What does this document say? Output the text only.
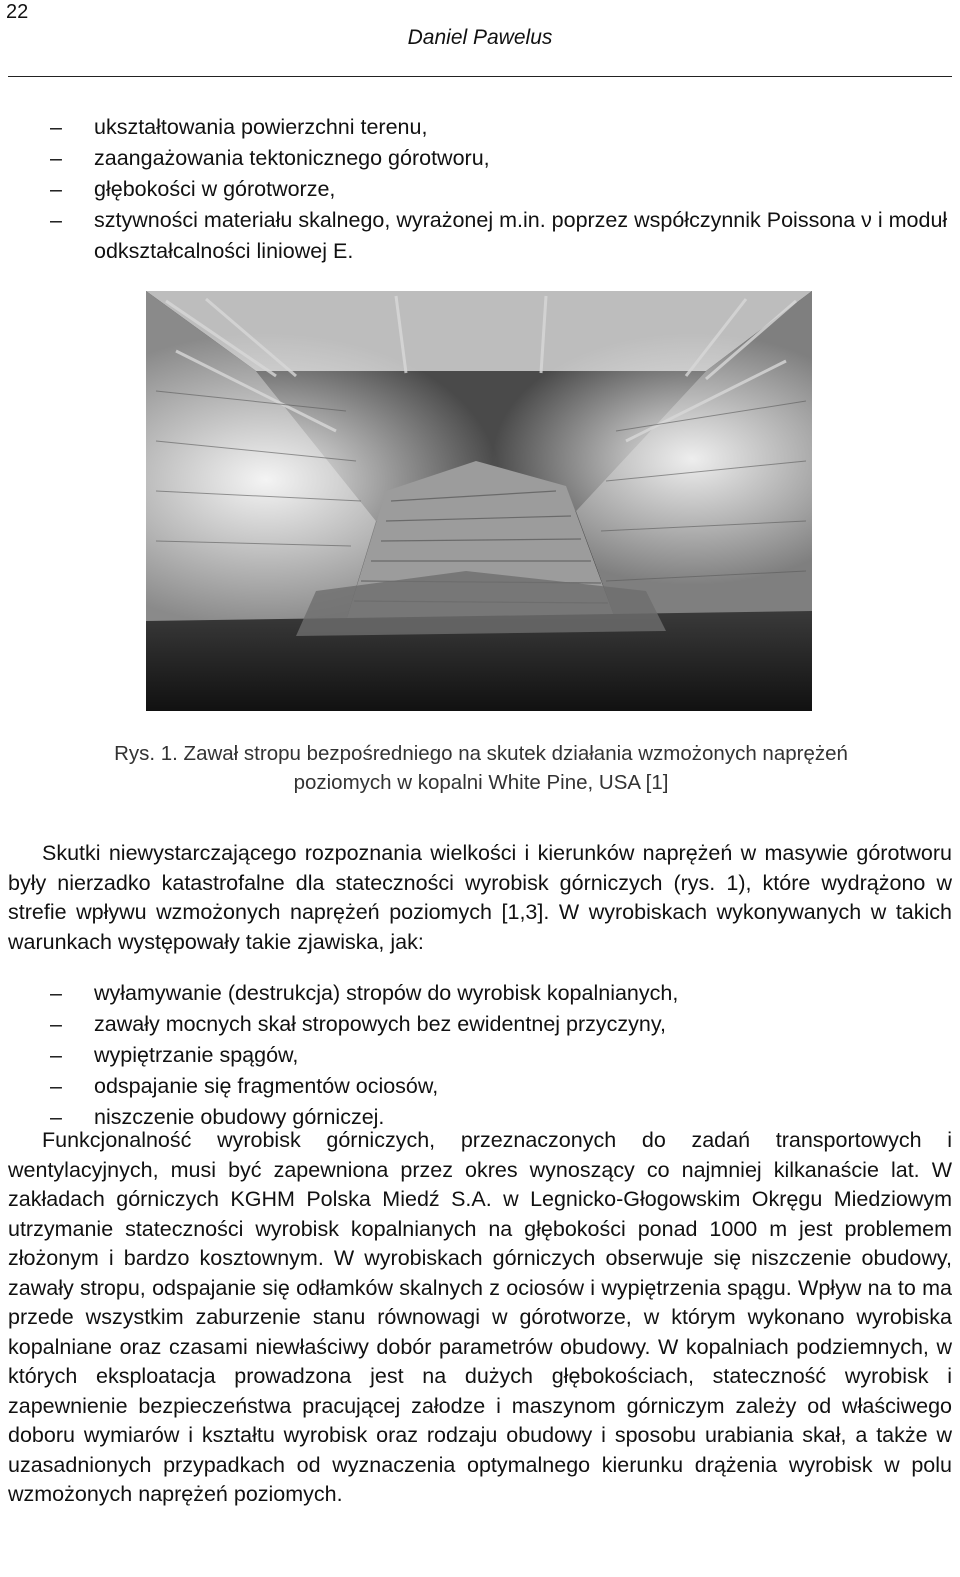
22
Daniel Pawelus
–	ukształtowania powierzchni terenu,
–	zaangażowania tektonicznego górotworu,
–	głębokości w górotworze,
–	sztywności materiału skalnego, wyrażonej m.in. poprzez współczynnik Poissona ν i moduł odkształcalności liniowej E.
Rys. 1. Zawał stropu bezpośredniego na skutek działania wzmożonych naprężeń poziomych w kopalni White Pine, USA [1]

Skutki niewystarczającego rozpoznania wielkości i kierunków naprężeń w masywie górotworu były nierzadko katastrofalne dla stateczności wyrobisk górniczych (rys. 1), które wydrążono w strefie wpływu wzmożonych naprężeń poziomych [1,3]. W wyrobiskach wykonywanych w takich warunkach występowały takie zjawiska, jak:

–	wyłamywanie (destrukcja) stropów do wyrobisk kopalnianych,
–	zawały mocnych skał stropowych bez ewidentnej przyczyny,
–	wypiętrzanie spągów,
–	odspajanie się fragmentów ociosów,
–	niszczenie obudowy górniczej.

Funkcjonalność wyrobisk górniczych, przeznaczonych do zadań transportowych i wentylacyjnych, musi być zapewniona przez okres wynoszący co najmniej kilkanaście lat. W zakładach górniczych KGHM Polska Miedź S.A. w Legnicko-Głogowskim Okręgu Miedziowym utrzymanie stateczności wyrobisk kopalnianych na głębokości ponad 1000 m jest problemem złożonym i bardzo kosztownym. W wyrobiskach górniczych obserwuje się niszczenie obudowy, zawały stropu, odspajanie się odłamków skalnych z ociosów i wypiętrzenia spągu. Wpływ na to ma przede wszystkim zaburzenie stanu równowagi w górotworze, w którym wykonano wyrobiska kopalniane oraz czasami niewłaściwy dobór parametrów obudowy. W kopalniach podziemnych, w których eksploatacja prowadzona jest na dużych głębokościach, stateczność wyrobisk i zapewnienie bezpieczeństwa pracującej załodze i maszynom górniczym zależy od właściwego doboru wymiarów i kształtu wyrobisk oraz rodzaju obudowy i sposobu urabiania skał, a także w uzasadnionych przypadkach od wyznaczenia optymalnego kierunku drążenia wyrobisk w polu wzmożonych naprężeń poziomych.
